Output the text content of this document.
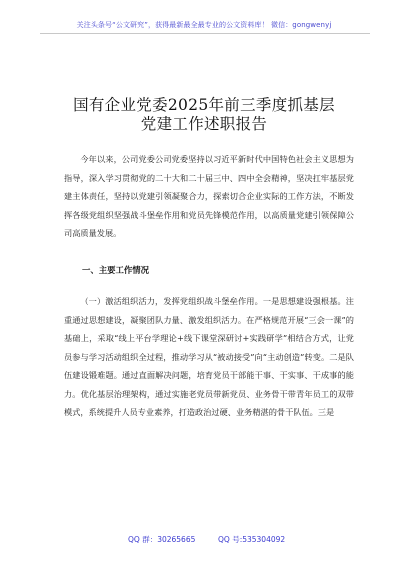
关注头条号“公文研究”，获得最新最全最专业的公文资料库！ 微信：gongwenyj
国有企业党委2025年前三季度抓基层
党建工作述职报告
今年以来，公司党委公司党委坚持以习近平新时代中国特色社会主义思想为指导，深入学习贯彻党的二十大和二十届三中、四中全会精神，坚决扛牢基层党建主体责任，坚持以党建引领凝聚合力，探索切合企业实际的工作方法，不断发挥各级党组织坚强战斗堡垒作用和党员先锋模范作用，以高质量党建引领保障公司高质量发展。
一、主要工作情况
（一）激活组织活力，发挥党组织战斗堡垒作用。一是思想建设强根基。注重通过思想建设，凝聚团队力量、激发组织活力。在严格规范开展“三会一课”的基础上，采取“线上平台学理论+线下课堂深研讨+实践研学”相结合方式，让党员参与学习活动组织全过程，推动学习从“被动接受”向“主动创造”转变。二是队伍建设锻难题。通过直面解决问题，培育党员干部能干事、干实事、干成事的能力。优化基层治理架构，通过实施老党员带新党员、业务骨干带青年员工的双带模式，系统提升人员专业素养，打造政治过硬、业务精湛的骨干队伍。三是
QQ 群：30265665	QQ 号:535304092
